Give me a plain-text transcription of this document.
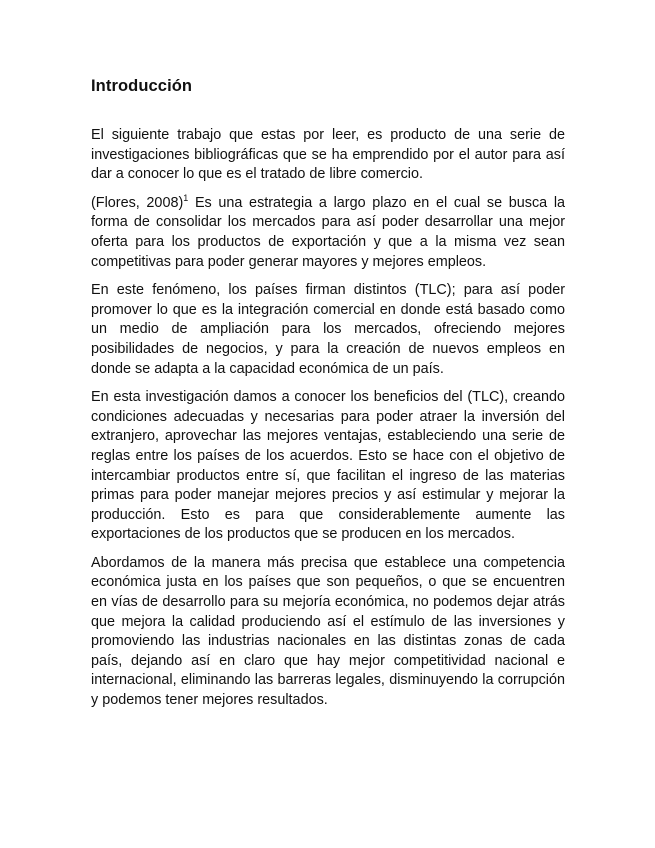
Introducción

El siguiente trabajo que estas por leer, es producto de una serie de investigaciones bibliográficas que se ha emprendido por el autor para así dar a conocer lo que es el tratado de libre comercio.

(Flores, 2008)$^1$ Es una estrategia a largo plazo en el cual se busca la forma de consolidar los mercados para así poder desarrollar una mejor oferta para los productos de exportación y que a la misma vez sean competitivas para poder generar mayores y mejores empleos.

En este fenómeno, los países firman distintos (TLC); para así poder promover lo que es la integración comercial en donde está basado como un medio de ampliación para los mercados, ofreciendo mejores posibilidades de negocios, y para la creación de nuevos empleos en donde se adapta a la capacidad económica de un país.

En esta investigación damos a conocer los beneficios del (TLC), creando condiciones adecuadas y necesarias para poder atraer la inversión del extranjero, aprovechar las mejores ventajas, estableciendo una serie de reglas entre los países de los acuerdos. Esto se hace con el objetivo de intercambiar productos entre sí, que facilitan el ingreso de las materias primas para poder manejar mejores precios y así estimular y mejorar la producción. Esto es para que considerablemente aumente las exportaciones de los productos que se producen en los mercados.

Abordamos de la manera más precisa que establece una competencia económica justa en los países que son pequeños, o que se encuentren en vías de desarrollo para su mejoría económica, no podemos dejar atrás que mejora la calidad produciendo así el estímulo de las inversiones y promoviendo las industrias nacionales en las distintas zonas de cada país, dejando así en claro que hay mejor competitividad nacional e internacional, eliminando las barreras legales, disminuyendo la corrupción y podemos tener mejores resultados.
